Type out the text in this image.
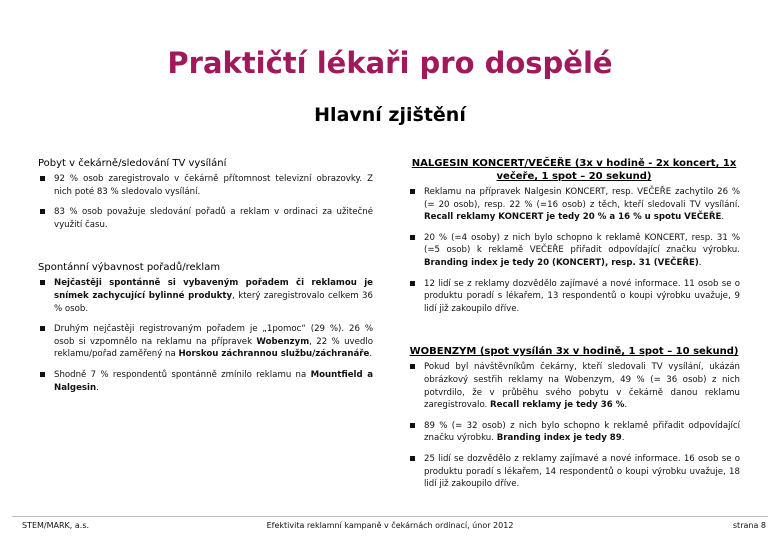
Praktičtí lékaři pro dospělé
Hlavní zjištění
Pobyt v čekárně/sledování TV vysílání
92 % osob zaregistrovalo v čekárně přítomnost televizní obrazovky. Z nich poté 83 % sledovalo vysílání.
83 % osob považuje sledování pořadů a reklam v ordinaci za užitečné využití času.
Spontánní výbavnost pořadů/reklam
Nejčastěji spontánně si vybaveným pořadem či reklamou je snímek zachycující bylinné produkty, který zaregistrovalo celkem 36 % osob.
Druhým nejčastěji registrovaným pořadem je „1pomoc“ (29 %). 26 % osob si vzpomnělo na reklamu na přípravek Wobenzym, 22 % uvedlo reklamu/pořad zaměřený na Horskou záchrannou službu/záchranáře.
Shodně 7 % respondentů spontánně zmínilo reklamu na Mountfield a Nalgesin.
NALGESIN KONCERT/VEČEŘE (3x v hodině - 2x koncert, 1x večeře, 1 spot – 20 sekund)
Reklamu na přípravek Nalgesin KONCERT, resp. VEČEŘE zachytilo 26 % (= 20 osob), resp. 22 % (=16 osob) z těch, kteří sledovali TV vysílání. Recall reklamy KONCERT je tedy 20 % a 16 % u spotu VEČEŘE.
20 % (=4 osoby) z nich bylo schopno k reklamě KONCERT, resp. 31 % (=5 osob) k reklamě VEČEŘE přiřadit odpovídající značku výrobku. Branding index je tedy 20 (KONCERT), resp. 31 (VEČEŘE).
12 lidí se z reklamy dozvědělo zajímavé a nové informace. 11 osob se o produktu poradí s lékařem, 13 respondentů o koupi výrobku uvažuje, 9 lidí již zakoupilo dříve.
WOBENZYM (spot vysílán 3x v hodině, 1 spot – 10 sekund)
Pokud byl návštěvníkům čekárny, kteří sledovali TV vysílání, ukázán obrázkový sestřih reklamy na Wobenzym, 49 % (= 36 osob) z nich potvrdilo, že v průběhu svého pobytu v čekárně danou reklamu zaregistrovalo. Recall reklamy je tedy 36 %.
89 % (= 32 osob) z nich bylo schopno k reklamě přiřadit odpovídající značku výrobku. Branding index je tedy 89.
25 lidí se dozvědělo z reklamy zajímavé a nové informace. 16 osob se o produktu poradí s lékařem, 14 respondentů o koupi výrobku uvažuje, 18 lidí již zakoupilo dříve.
STEM/MARK, a.s.	Efektivita reklamní kampaně v čekárnách ordinací, únor 2012	strana 8
